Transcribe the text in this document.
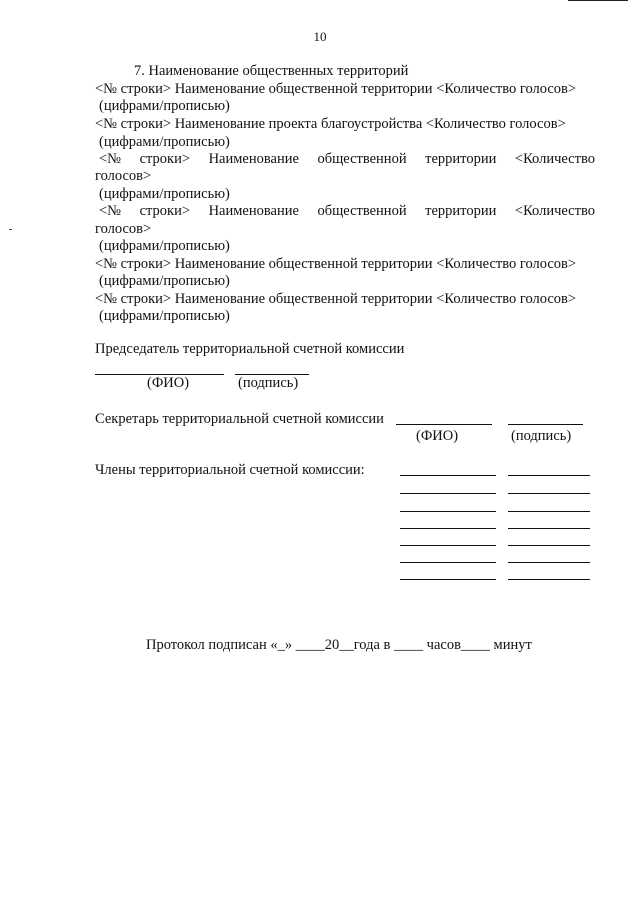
10
7. Наименование общественных территорий
<№ строки> Наименование общественной территории <Количество голосов>
(цифрами/прописью)
<№ строки> Наименование проекта благоустройства <Количество голосов>
(цифрами/прописью)
<№ строки> Наименование общественной территории <Количество
голосов>
(цифрами/прописью)
<№ строки> Наименование общественной территории <Количество
голосов>
(цифрами/прописью)
<№ строки> Наименование общественной территории <Количество голосов>
(цифрами/прописью)
<№ строки> Наименование общественной территории <Количество голосов>
(цифрами/прописью)
Председатель территориальной счетной комиссии
(ФИО)	(подпись)
Секретарь территориальной счетной комиссии
(ФИО)	(подпись)
Члены территориальной счетной комиссии:
Протокол подписан «_» ____20__года в ____ часов____ минут
